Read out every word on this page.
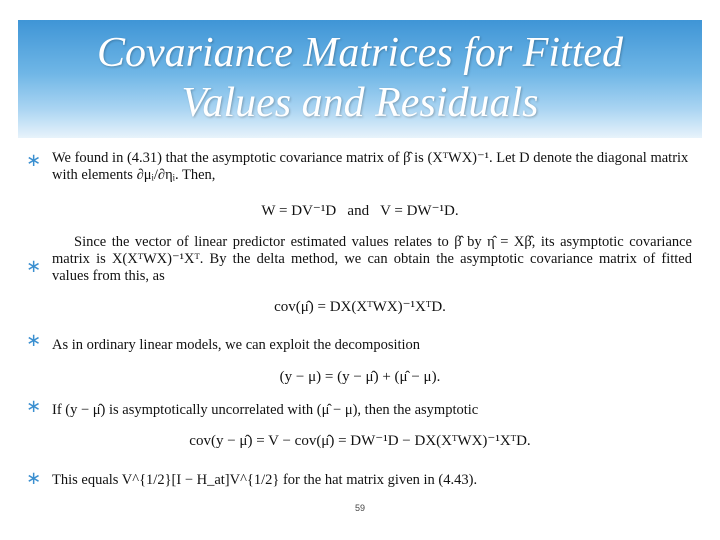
Covariance Matrices for Fitted
Values and Residuals
∗ We found in (4.31) that the asymptotic covariance matrix of β̂ is (XᵀWX)⁻¹. Let D denote the diagonal matrix with elements ∂μᵢ/∂ηᵢ. Then,
W = DV⁻¹D   and   V = DW⁻¹D.
∗
Since the vector of linear predictor estimated values relates to β̂ by η̂ = Xβ̂, its asymptotic covariance matrix is X(XᵀWX)⁻¹Xᵀ. By the delta method, we can obtain the asymptotic covariance matrix of fitted values from this, as
cov(μ̂) = DX(XᵀWX)⁻¹XᵀD.
∗ As in ordinary linear models, we can exploit the decomposition
(y − μ) = (y − μ̂) + (μ̂ − μ).
∗ If (y − μ̂) is asymptotically uncorrelated with (μ̂ − μ), then the asymptotic
cov(y − μ̂) = V − cov(μ̂) = DW⁻¹D − DX(XᵀWX)⁻¹XᵀD.
∗ This equals V^{1/2}[I − H_at]V^{1/2} for the hat matrix given in (4.43).
59
